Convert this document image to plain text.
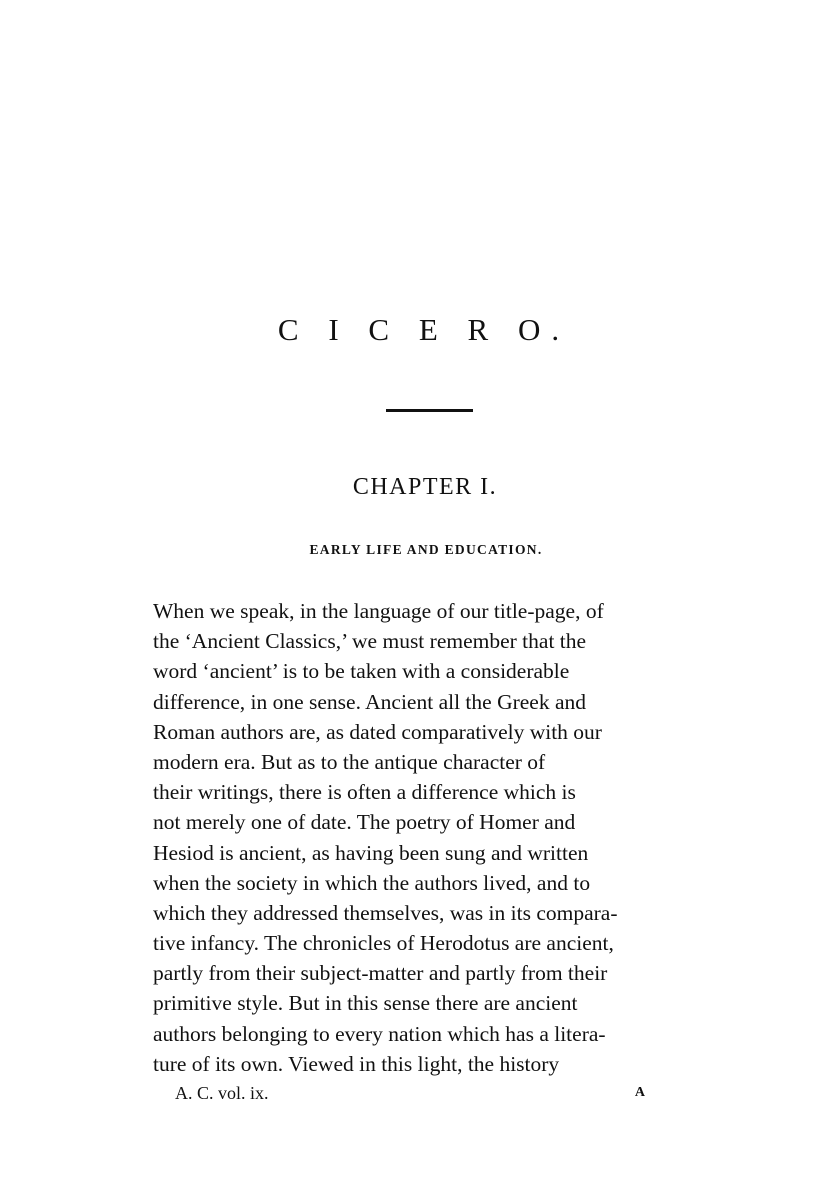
C I C E R O.
CHAPTER I.
EARLY LIFE AND EDUCATION.
When we speak, in the language of our title-page, of
the ‘Ancient Classics,’ we must remember that the
word ‘ancient’ is to be taken with a considerable
difference, in one sense. Ancient all the Greek and
Roman authors are, as dated comparatively with our
modern era. But as to the antique character of
their writings, there is often a difference which is
not merely one of date. The poetry of Homer and
Hesiod is ancient, as having been sung and written
when the society in which the authors lived, and to
which they addressed themselves, was in its compara-
tive infancy. The chronicles of Herodotus are ancient,
partly from their subject-matter and partly from their
primitive style. But in this sense there are ancient
authors belonging to every nation which has a litera-
ture of its own. Viewed in this light, the history
A. C. vol. ix.	A
